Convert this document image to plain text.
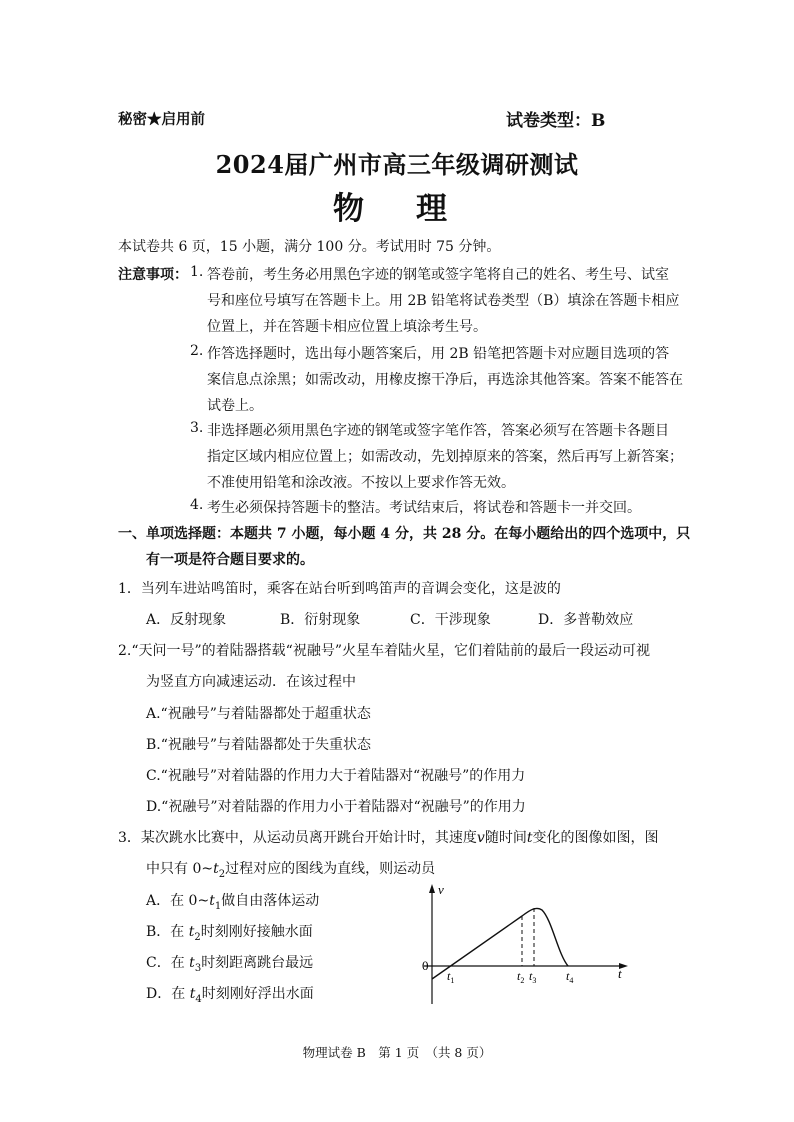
秘密★启用前	试卷类型：B
2024届广州市高三年级调研测试
物理
本试卷共 6 页，15 小题，满分 100 分。考试用时 75 分钟。
注意事项： 1. 答卷前，考生务必用黑色字迹的钢笔或签字笔将自己的姓名、考生号、试室
号和座位号填写在答题卡上。用 2B 铅笔将试卷类型（B）填涂在答题卡相应
位置上，并在答题卡相应位置上填涂考生号。
2. 作答选择题时，选出每小题答案后，用 2B 铅笔把答题卡对应题目选项的答
案信息点涂黑；如需改动，用橡皮擦干净后，再选涂其他答案。答案不能答在
试卷上。
3. 非选择题必须用黑色字迹的钢笔或签字笔作答，答案必须写在答题卡各题目
指定区域内相应位置上；如需改动，先划掉原来的答案，然后再写上新答案；
不准使用铅笔和涂改液。不按以上要求作答无效。
4. 考生必须保持答题卡的整洁。考试结束后，将试卷和答题卡一并交回。
一、单项选择题：本题共 7 小题，每小题 4 分，共 28 分。在每小题给出的四个选项中，只
有一项是符合题目要求的。
1．当列车进站鸣笛时，乘客在站台听到鸣笛声的音调会变化，这是波的
A．反射现象	B．衍射现象	C．干涉现象	D．多普勒效应
2.“天问一号”的着陆器搭载“祝融号”火星车着陆火星，它们着陆前的最后一段运动可视
为竖直方向减速运动．在该过程中
A.“祝融号”与着陆器都处于超重状态
B.“祝融号”与着陆器都处于失重状态
C.“祝融号”对着陆器的作用力大于着陆器对“祝融号”的作用力
D.“祝融号”对着陆器的作用力小于着陆器对“祝融号”的作用力
3．某次跳水比赛中，从运动员离开跳台开始计时，其速度v随时间t变化的图像如图，图
中只有 $0\sim t_2$过程对应的图线为直线，则运动员
A．在 $0\sim t_1$做自由落体运动
B．在 $t_2$时刻刚好接触水面
C．在 $t_3$时刻距离跳台最远
D．在 $t_4$时刻刚好浮出水面
v
t
0
$t_1$	$t_2$ $t_3$ $t_4$
物理试卷 B　第 1 页　（共 8 页）
